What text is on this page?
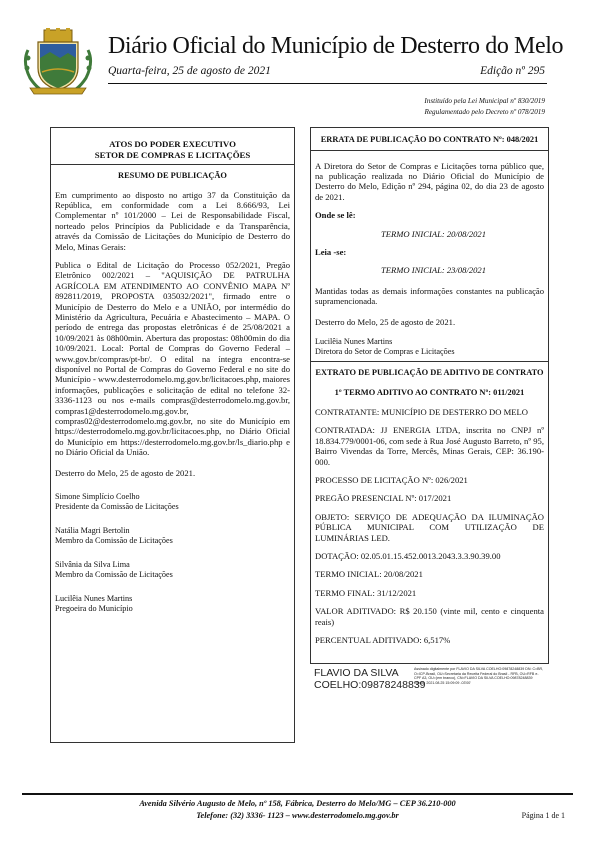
Diário Oficial do Município de Desterro do Melo
Quarta-feira, 25 de agosto de 2021	Edição nº 295
Instituído pela Lei Municipal nº 830/2019
Regulamentado pelo Decreto nº 078/2019
ATOS DO PODER EXECUTIVO
SETOR DE COMPRAS E LICITAÇÕES
RESUMO DE PUBLICAÇÃO

Em cumprimento ao disposto no artigo 37 da Constituição da República, em conformidade com a Lei 8.666/93, Lei Complementar nº 101/2000 – Lei de Responsabilidade Fiscal, norteado pelos Princípios da Publicidade e da Transparência, através da Comissão de Licitações do Município de Desterro do Melo, Minas Gerais:

Publica o Edital de Licitação do Processo 052/2021, Pregão Eletrônico 002/2021 – "AQUISIÇÃO DE PATRULHA AGRÍCOLA EM ATENDIMENTO AO CONVÊNIO MAPA Nº 892811/2019, PROPOSTA 035032/2021", firmado entre o Município de Desterro do Melo e a UNIÃO, por intermédio do Ministério da Agricultura, Pecuária e Abastecimento – MAPA. O período de entrega das propostas eletrônicas é de 25/08/2021 a 10/09/2021 às 08h00min. Abertura das propostas: 08h00min do dia 10/09/2021. Local: Portal de Compras do Governo Federal – www.gov.br/compras/pt-br/. O edital na íntegra encontra-se disponível no Portal de Compras do Governo Federal e no site do Município - www.desterrodomelo.mg.gov.br/licitacoes.php, maiores informações, publicações e solicitação de edital no telefone 32-3336-1123 ou nos e-mails compras@desterrodomelo.mg.gov.br, compras1@desterrodomelo.mg.gov.br, compras02@desterrodomelo.mg.gov.br, no site do Município em https://desterrodomelo.mg.gov.br/licitacoes.php, no Diário Oficial do Município em https://desterrodomelo.mg.gov.br/ls_diario.php e no Diário Oficial da União.

Desterro do Melo, 25 de agosto de 2021.

Simone Simplício Coelho
Presidente da Comissão de Licitações
Natália Magri Bertolin
Membro da Comissão de Licitações
Silvânia da Silva Lima
Membro da Comissão de Licitações
Lucilêia Nunes Martins
Pregoeira do Município
ERRATA DE PUBLICAÇÃO DO CONTRATO Nº: 048/2021

A Diretora do Setor de Compras e Licitações torna público que, na publicação realizada no Diário Oficial do Município de Desterro do Melo, Edição nº 294, página 02, do dia 23 de agosto de 2021.

Onde se lê:

TERMO INICIAL: 20/08/2021

Leia -se:

TERMO INICIAL: 23/08/2021

Mantidas todas as demais informações constantes na publicação supramencionada.

Desterro do Melo, 25 de agosto de 2021.

Lucilêia Nunes Martins
Diretora do Setor de Compras e Licitações
EXTRATO DE PUBLICAÇÃO DE ADITIVO DE CONTRATO
1º TERMO ADITIVO AO CONTRATO Nº: 011/2021

CONTRATANTE: MUNICÍPIO DE DESTERRO DO MELO

CONTRATADA: JJ ENERGIA LTDA, inscrita no CNPJ nº 18.834.779/0001-06, com sede à Rua José Augusto Barreto, nº 95, Bairro Vivendas da Torre, Mercês, Minas Gerais, CEP: 36.190-000.

PROCESSO DE LICITAÇÃO Nº: 026/2021

PREGÃO PRESENCIAL Nº: 017/2021

OBJETO: SERVIÇO DE ADEQUAÇÃO DA ILUMINAÇÃO PÚBLICA MUNICIPAL COM UTILIZAÇÃO DE LUMINÁRIAS LED.

DOTAÇÃO: 02.05.01.15.452.0013.2043.3.3.90.39.00

TERMO INICIAL: 20/08/2021

TERMO FINAL: 31/12/2021

VALOR ADITIVADO: R$ 20.150 (vinte mil, cento e cinquenta reais)

PERCENTUAL ADITIVADO: 6,517%

FLAVIO DA SILVA
COELHO:09878248839
Assinado digitalmente por FLAVIO DA SILVA COELHO:09878248839 DN: C=BR, O=ICP-Brasil, OU=Secretaria da Receita Federal do Brasil - RFB, OU=RFB e-CPF A3, OU=(em branco), CN=FLAVIO DA SILVA COELHO:09878248839 Dados: 2021.08.25 15:09:09 -03'00'
Avenida Silvério Augusto de Melo, nº 158, Fábrica, Desterro do Melo/MG – CEP 36.210-000
Telefone: (32) 3336- 1123 – www.desterrodomelo.mg.gov.br	Página 1 de 1
